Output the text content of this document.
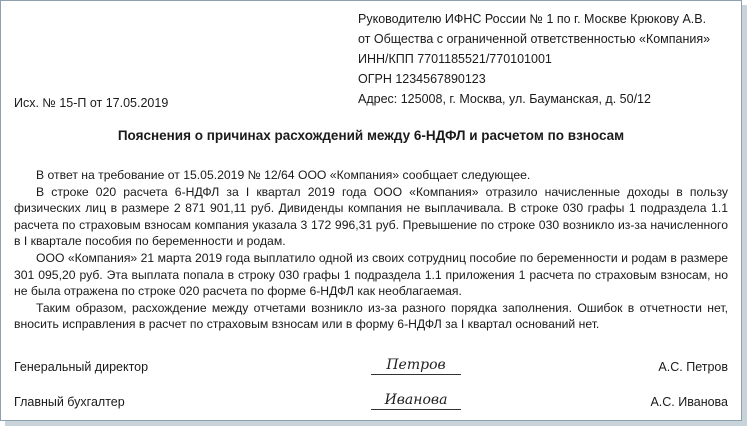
Руководителю ИФНС России № 1 по г. Москве Крюкову А.В.
от Общества с ограниченной ответственностью «Компания»
ИНН/КПП 7701185521/770101001
ОГРН 1234567890123
Адрес: 125008, г. Москва, ул. Бауманская, д. 50/12
Исх. № 15-П от 17.05.2019
Пояснения о причинах расхождений между 6-НДФЛ и расчетом по взносам

В ответ на требование от 15.05.2019 № 12/64 ООО «Компания» сообщает следующее.

В строке 020 расчета 6-НДФЛ за I квартал 2019 года ООО «Компания» отразило начисленные доходы в пользу физических лиц в размере 2 871 901,11 руб. Дивиденды компания не выплачивала. В строке 030 графы 1 подраздела 1.1 расчета по страховым взносам компания указала 3 172 996,31 руб. Превышение по строке 030 возникло из-за начисленного в I квартале пособия по беременности и родам.

ООО «Компания» 21 марта 2019 года выплатило одной из своих сотрудниц пособие по беременности и родам в размере 301 095,20 руб. Эта выплата попала в строку 030 графы 1 подраздела 1.1 приложения 1 расчета по страховым взносам, но не была отражена по строке 020 расчета по форме 6-НДФЛ как необлагаемая.

Таким образом, расхождение между отчетами возникло из-за разного порядка заполнения. Ошибок в отчетности нет, вносить исправления в расчет по страховым взносам или в форму 6-НДФЛ за I квартал оснований нет.

Генеральный директор	Петров	А.С. Петров
Главный бухгалтер	Иванова	А.С. Иванова
